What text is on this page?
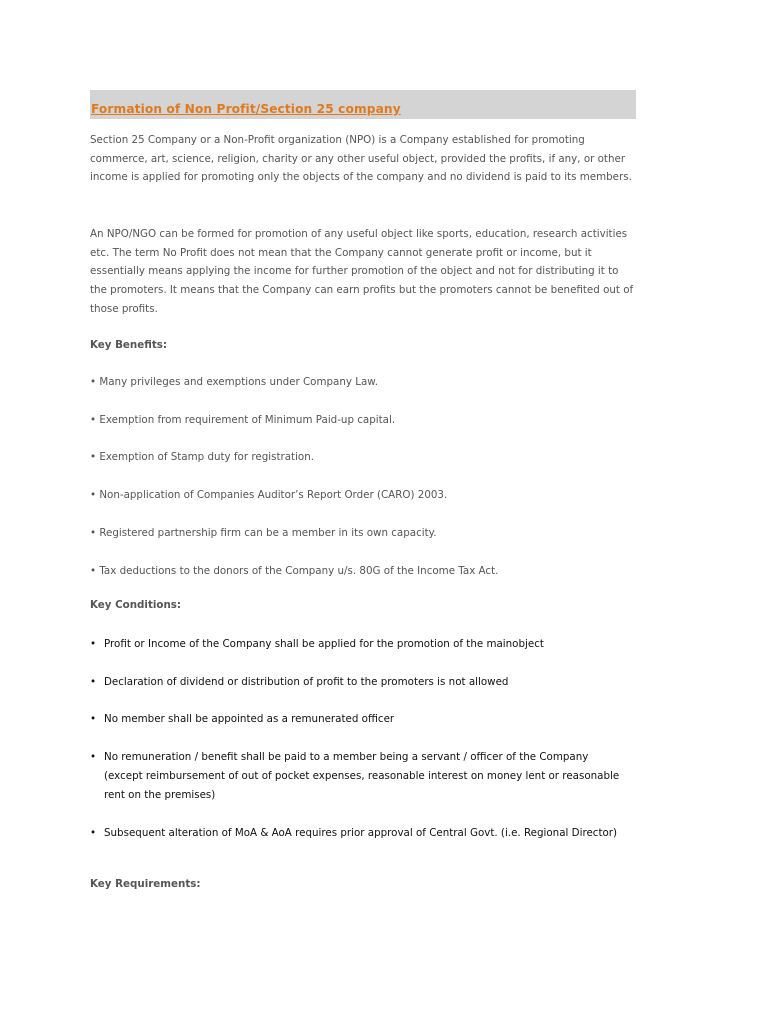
Formation of Non Profit/Section 25 company

Section 25 Company or a Non-Profit organization (NPO) is a Company established for promoting commerce, art, science, religion, charity or any other useful object, provided the profits, if any, or other income is applied for promoting only the objects of the company and no dividend is paid to its members.

An NPO/NGO can be formed for promotion of any useful object like sports, education, research activities etc. The term No Profit does not mean that the Company cannot generate profit or income, but it essentially means applying the income for further promotion of the object and not for distributing it to the promoters. It means that the Company can earn profits but the promoters cannot be benefited out of those profits.

Key Benefits:
• Many privileges and exemptions under Company Law.
• Exemption from requirement of Minimum Paid-up capital.
• Exemption of Stamp duty for registration.
• Non-application of Companies Auditor’s Report Order (CARO) 2003.
• Registered partnership firm can be a member in its own capacity.
• Tax deductions to the donors of the Company u/s. 80G of the Income Tax Act.
Key Conditions:
• Profit or Income of the Company shall be applied for the promotion of the mainobject
• Declaration of dividend or distribution of profit to the promoters is not allowed
• No member shall be appointed as a remunerated officer
• No remuneration / benefit shall be paid to a member being a servant / officer of the Company (except reimbursement of out of pocket expenses, reasonable interest on money lent or reasonable rent on the premises)
• Subsequent alteration of MoA & AoA requires prior approval of Central Govt. (i.e. Regional Director)
Key Requirements:
